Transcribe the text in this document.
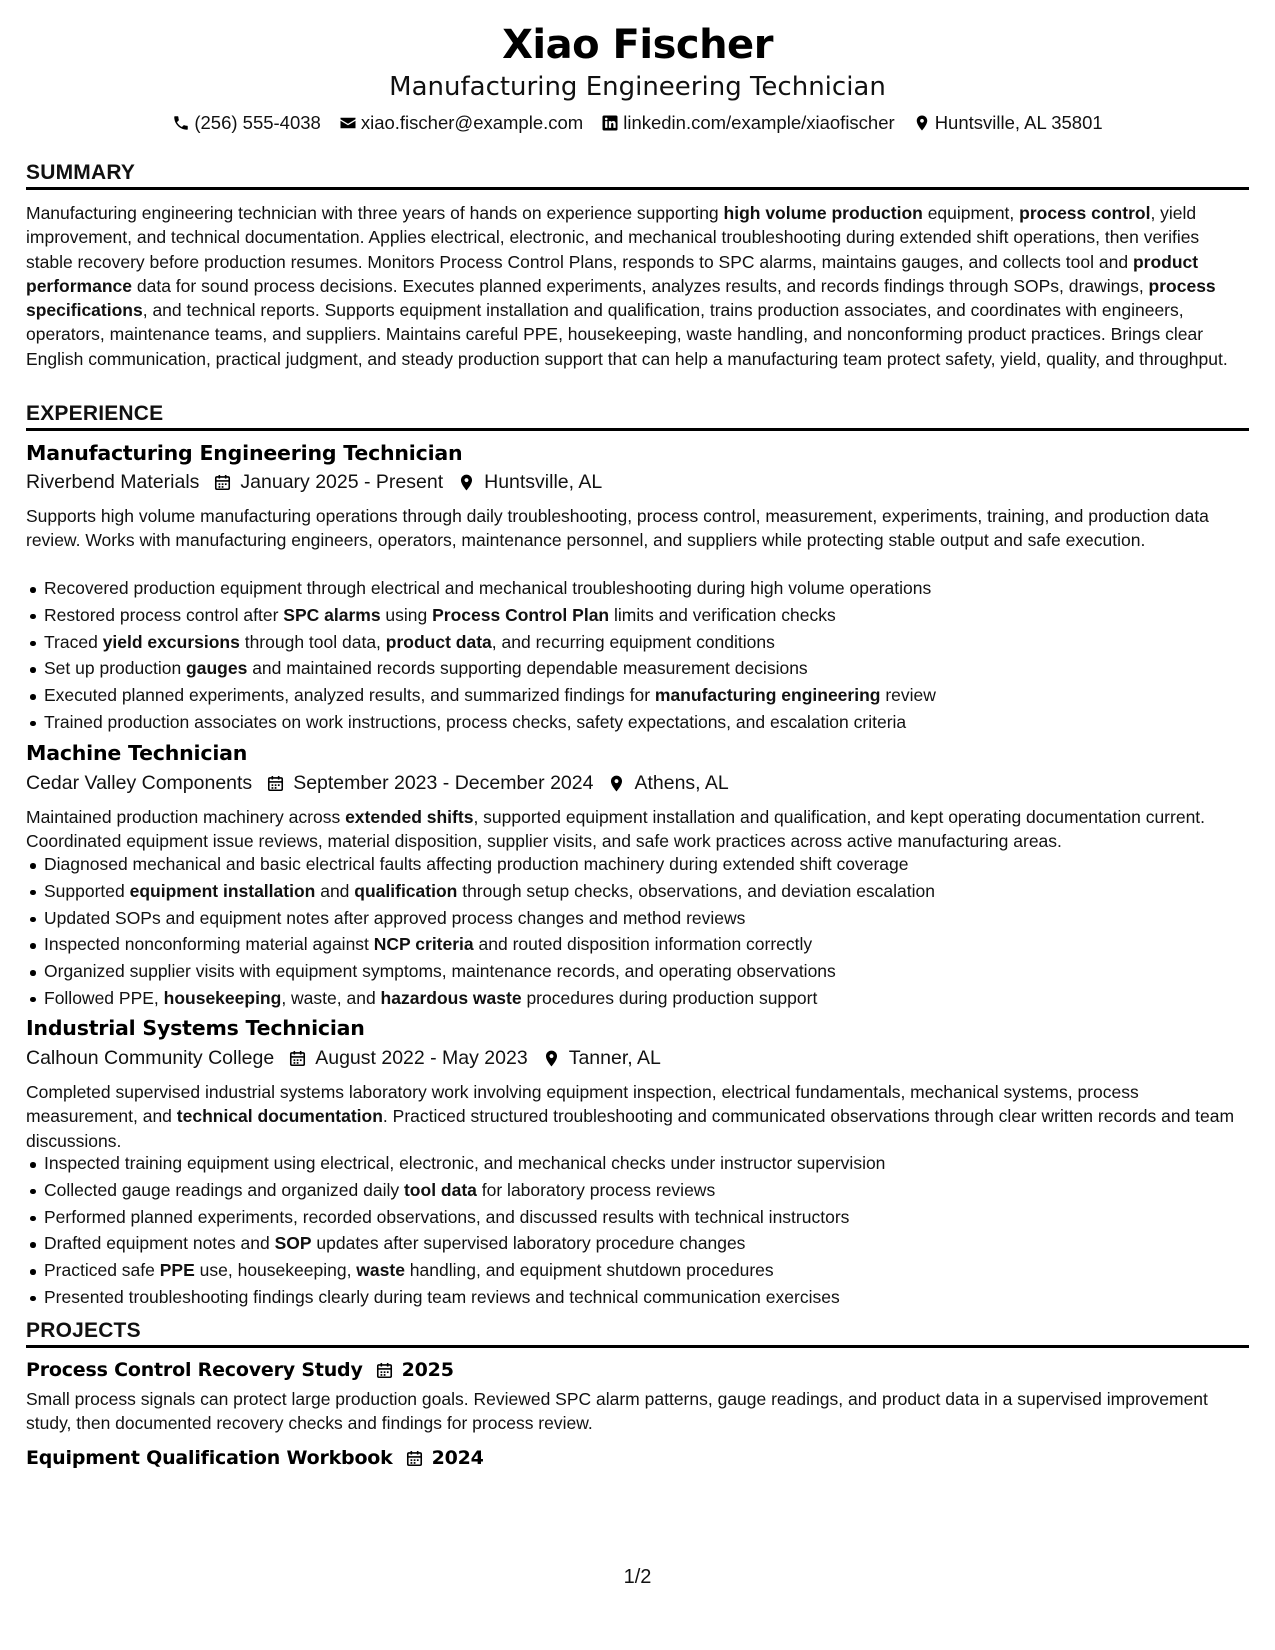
Xiao Fischer
Manufacturing Engineering Technician
(256) 555-4038 xiao.fischer@example.com linkedin.com/example/xiaofischer Huntsville, AL 35801
SUMMARY
Manufacturing engineering technician with three years of hands on experience supporting high volume production equipment, process control, yield improvement, and technical documentation. Applies electrical, electronic, and mechanical troubleshooting during extended shift operations, then verifies stable recovery before production resumes. Monitors Process Control Plans, responds to SPC alarms, maintains gauges, and collects tool and product performance data for sound process decisions. Executes planned experiments, analyzes results, and records findings through SOPs, drawings, process specifications, and technical reports. Supports equipment installation and qualification, trains production associates, and coordinates with engineers, operators, maintenance teams, and suppliers. Maintains careful PPE, housekeeping, waste handling, and nonconforming product practices. Brings clear English communication, practical judgment, and steady production support that can help a manufacturing team protect safety, yield, quality, and throughput.
EXPERIENCE
Manufacturing Engineering Technician
Riverbend Materials January 2025 - Present Huntsville, AL
Supports high volume manufacturing operations through daily troubleshooting, process control, measurement, experiments, training, and production data review. Works with manufacturing engineers, operators, maintenance personnel, and suppliers while protecting stable output and safe execution.
Recovered production equipment through electrical and mechanical troubleshooting during high volume operations
Restored process control after SPC alarms using Process Control Plan limits and verification checks
Traced yield excursions through tool data, product data, and recurring equipment conditions
Set up production gauges and maintained records supporting dependable measurement decisions
Executed planned experiments, analyzed results, and summarized findings for manufacturing engineering review
Trained production associates on work instructions, process checks, safety expectations, and escalation criteria
Machine Technician
Cedar Valley Components September 2023 - December 2024 Athens, AL
Maintained production machinery across extended shifts, supported equipment installation and qualification, and kept operating documentation current. Coordinated equipment issue reviews, material disposition, supplier visits, and safe work practices across active manufacturing areas.
Diagnosed mechanical and basic electrical faults affecting production machinery during extended shift coverage
Supported equipment installation and qualification through setup checks, observations, and deviation escalation
Updated SOPs and equipment notes after approved process changes and method reviews
Inspected nonconforming material against NCP criteria and routed disposition information correctly
Organized supplier visits with equipment symptoms, maintenance records, and operating observations
Followed PPE, housekeeping, waste, and hazardous waste procedures during production support
Industrial Systems Technician
Calhoun Community College August 2022 - May 2023 Tanner, AL
Completed supervised industrial systems laboratory work involving equipment inspection, electrical fundamentals, mechanical systems, process measurement, and technical documentation. Practiced structured troubleshooting and communicated observations through clear written records and team discussions.
Inspected training equipment using electrical, electronic, and mechanical checks under instructor supervision
Collected gauge readings and organized daily tool data for laboratory process reviews
Performed planned experiments, recorded observations, and discussed results with technical instructors
Drafted equipment notes and SOP updates after supervised laboratory procedure changes
Practiced safe PPE use, housekeeping, waste handling, and equipment shutdown procedures
Presented troubleshooting findings clearly during team reviews and technical communication exercises
PROJECTS
Process Control Recovery Study 2025
Small process signals can protect large production goals. Reviewed SPC alarm patterns, gauge readings, and product data in a supervised improvement study, then documented recovery checks and findings for process review.
Equipment Qualification Workbook 2024
1/2
